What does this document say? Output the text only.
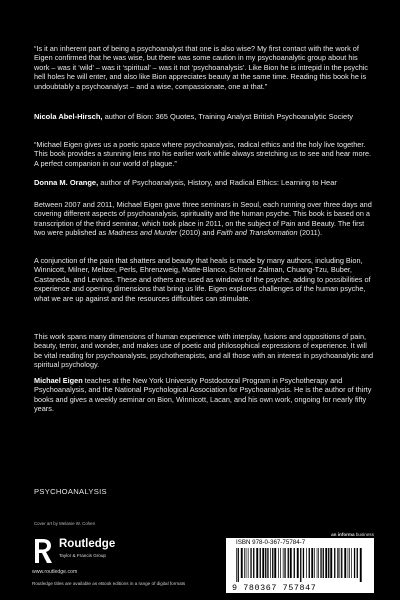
“Is it an inherent part of being a psychoanalyst that one is also wise? My first contact with the work of Eigen confirmed that he was wise, but there was some caution in my psychoanalytic group about his work – was it ‘wild’ – was it ‘spiritual’ – was it not ‘psychoanalysis’. Like Bion he is intrepid in the psychic hell holes he will enter, and also like Bion appreciates beauty at the same time. Reading this book he is undoubtably a psychoanalyst – and a wise, compassionate, one at that.”

Nicola Abel-Hirsch, author of Bion: 365 Quotes, Training Analyst British Psychoanalytic Society

“Michael Eigen gives us a poetic space where psychoanalysis, radical ethics and the holy live together. This book provides a stunning lens into his earlier work while always stretching us to see and hear more. A perfect companion in our world of plague.”

Donna M. Orange, author of Psychoanalysis, History, and Radical Ethics: Learning to Hear

Between 2007 and 2011, Michael Eigen gave three seminars in Seoul, each running over three days and covering different aspects of psychoanalysis, spirituality and the human psyche. This book is based on a transcription of the third seminar, which took place in 2011, on the subject of Pain and Beauty. The first two were published as Madness and Murder (2010) and Faith and Transformation (2011).

A conjunction of the pain that shatters and beauty that heals is made by many authors, including Bion, Winnicott, Milner, Meltzer, Perls, Ehrenzweig, Matte-Blanco, Schneur Zalman, Chuang-Tzu, Buber, Castaneda, and Levinas. These and others are used as windows of the psyche, adding to possibilities of experience and opening dimensions that bring us life. Eigen explores challenges of the human psyche, what we are up against and the resources difficulties can stimulate.

This work spans many dimensions of human experience with interplay, fusions and oppositions of pain, beauty, terror, and wonder, and makes use of poetic and philosophical expressions of experience. It will be vital reading for psychoanalysts, psychotherapists, and all those with an interest in psychoanalytic and spiritual psychology.

Michael Eigen teaches at the New York University Postdoctoral Program in Psychotherapy and Psychoanalysis, and the National Psychological Association for Psychoanalysis. He is the author of thirty books and gives a weekly seminar on Bion, Winnicott, Lacan, and his own work, ongoing for nearly fifty years.

PSYCHOANALYSIS
Cover art by Melanie W. Cohen
Routledge
Taylor & Francis Group
www.routledge.com
Routledge titles are available as eBook editions in a range of digital formats
an informa business
ISBN 978-0-367-75784-7
9 780367 757847
